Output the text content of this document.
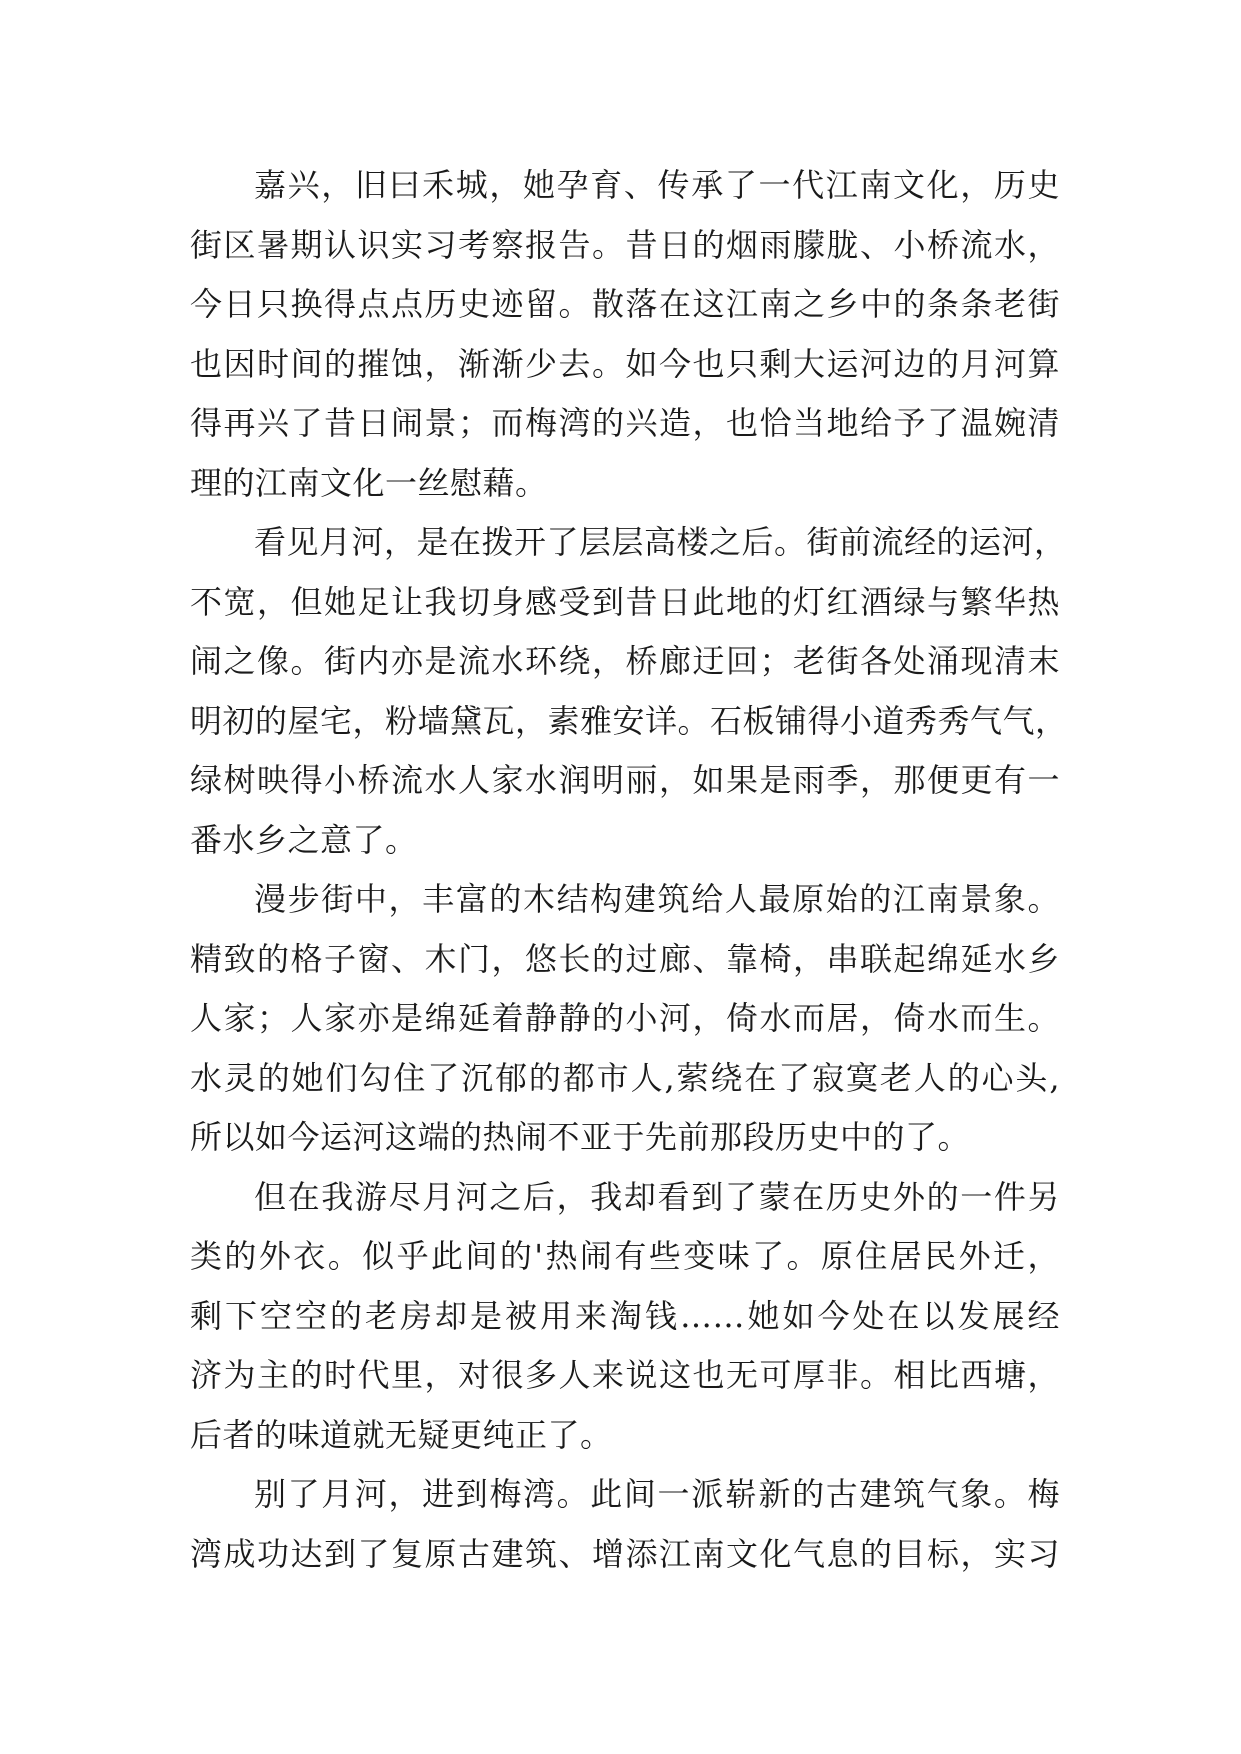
嘉兴，旧曰禾城，她孕育、传承了一代江南文化，历史
街区暑期认识实习考察报告。昔日的烟雨朦胧、小桥流水，
今日只换得点点历史迹留。散落在这江南之乡中的条条老街
也因时间的摧蚀，渐渐少去。如今也只剩大运河边的月河算
得再兴了昔日闹景；而梅湾的兴造，也恰当地给予了温婉清
理的江南文化一丝慰藉。
看见月河，是在拨开了层层高楼之后。街前流经的运河，
不宽，但她足让我切身感受到昔日此地的灯红酒绿与繁华热
闹之像。街内亦是流水环绕，桥廊迂回；老街各处涌现清末
明初的屋宅，粉墙黛瓦，素雅安详。石板铺得小道秀秀气气，
绿树映得小桥流水人家水润明丽，如果是雨季，那便更有一
番水乡之意了。
漫步街中，丰富的木结构建筑给人最原始的江南景象。
精致的格子窗、木门，悠长的过廊、靠椅，串联起绵延水乡
人家；人家亦是绵延着静静的小河，倚水而居，倚水而生。
水灵的她们勾住了沉郁的都市人,萦绕在了寂寞老人的心头,
所以如今运河这端的热闹不亚于先前那段历史中的了。
但在我游尽月河之后，我却看到了蒙在历史外的一件另
类的外衣。似乎此间的'热闹有些变味了。原住居民外迁，
剩下空空的老房却是被用来淘钱……她如今处在以发展经
济为主的时代里，对很多人来说这也无可厚非。相比西塘，
后者的味道就无疑更纯正了。
别了月河，进到梅湾。此间一派崭新的古建筑气象。梅
湾成功达到了复原古建筑、增添江南文化气息的目标，实习
